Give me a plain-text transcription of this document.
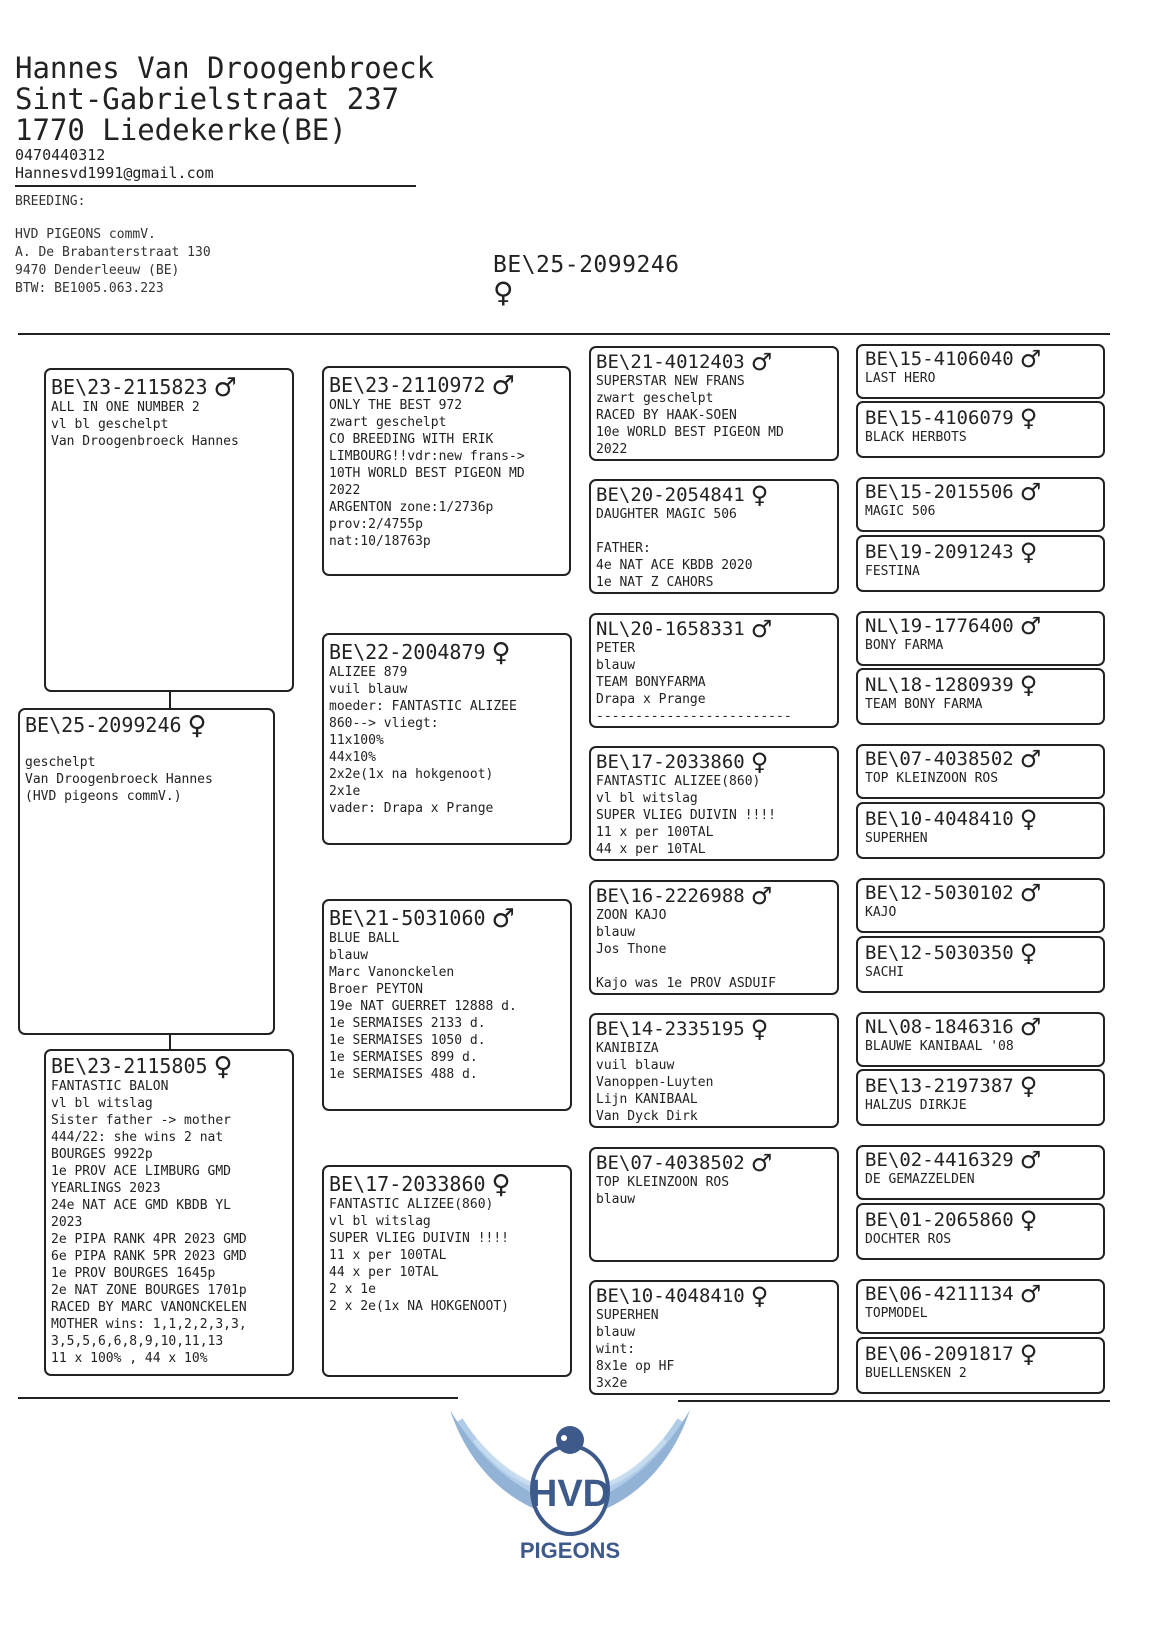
Hannes Van Droogenbroeck
Sint-Gabrielstraat 237
1770 Liedekerke(BE)
0470440312
Hannesvd1991@gmail.com
BREEDING:
HVD PIGEONS commV.
A. De Brabanterstraat 130
9470 Denderleeuw (BE)
BTW: BE1005.063.223
BE\25-2099246
♀
BE\25-2099246 ♀

geschelpt
Van Droogenbroeck Hannes
(HVD pigeons commV.)
BE\23-2115823 ♂
ALL IN ONE NUMBER 2
vl bl geschelpt
Van Droogenbroeck Hannes
BE\23-2115805 ♀
FANTASTIC BALON
vl bl witslag
Sister father -> mother
444/22: she wins 2 nat
BOURGES 9922p
1e PROV ACE LIMBURG GMD
YEARLINGS 2023
24e NAT ACE GMD KBDB YL
2023
2e PIPA RANK 4PR 2023 GMD
6e PIPA RANK 5PR 2023 GMD
1e PROV BOURGES 1645p
2e NAT ZONE BOURGES 1701p
RACED BY MARC VANONCKELEN
MOTHER wins: 1,1,2,2,3,3,
3,5,5,6,6,8,9,10,11,13
11 x 100% , 44 x 10%
BE\23-2110972 ♂
ONLY THE BEST 972
zwart geschelpt
CO BREEDING WITH ERIK
LIMBOURG!!vdr:new frans->
10TH WORLD BEST PIGEON MD
2022
ARGENTON zone:1/2736p
prov:2/4755p
nat:10/18763p
BE\22-2004879 ♀
ALIZEE 879
vuil blauw
moeder: FANTASTIC ALIZEE
860--> vliegt:
11x100%
44x10%
2x2e(1x na hokgenoot)
2x1e
vader: Drapa x Prange
BE\21-5031060 ♂
BLUE BALL
blauw
Marc Vanonckelen
Broer PEYTON
19e NAT GUERRET 12888 d.
1e SERMAISES 2133 d.
1e SERMAISES 1050 d.
1e SERMAISES 899 d.
1e SERMAISES 488 d.
BE\17-2033860 ♀
FANTASTIC ALIZEE(860)
vl bl witslag
SUPER VLIEG DUIVIN !!!!
11 x per 100TAL
44 x per 10TAL
2 x 1e
2 x 2e(1x NA HOKGENOOT)
BE\21-4012403 ♂
SUPERSTAR NEW FRANS
zwart geschelpt
RACED BY HAAK-SOEN
10e WORLD BEST PIGEON MD
2022
BE\20-2054841 ♀
DAUGHTER MAGIC 506

FATHER:
4e NAT ACE KBDB 2020
1e NAT Z CAHORS
NL\20-1658331 ♂
PETER
blauw
TEAM BONYFARMA
Drapa x Prange
-------------------------
BE\17-2033860 ♀
FANTASTIC ALIZEE(860)
vl bl witslag
SUPER VLIEG DUIVIN !!!!
11 x per 100TAL
44 x per 10TAL
BE\16-2226988 ♂
ZOON KAJO
blauw
Jos Thone

Kajo was 1e PROV ASDUIF
BE\14-2335195 ♀
KANIBIZA
vuil blauw
Vanoppen-Luyten
Lijn KANIBAAL
Van Dyck Dirk
BE\07-4038502 ♂
TOP KLEINZOON ROS
blauw
BE\10-4048410 ♀
SUPERHEN
blauw
wint:
8x1e op HF
3x2e
BE\15-4106040 ♂
LAST HERO
BE\15-4106079 ♀
BLACK HERBOTS
BE\15-2015506 ♂
MAGIC 506
BE\19-2091243 ♀
FESTINA
NL\19-1776400 ♂
BONY FARMA
NL\18-1280939 ♀
TEAM BONY FARMA
BE\07-4038502 ♂
TOP KLEINZOON ROS
BE\10-4048410 ♀
SUPERHEN
BE\12-5030102 ♂
KAJO
BE\12-5030350 ♀
SACHI
NL\08-1846316 ♂
BLAUWE KANIBAAL '08
BE\13-2197387 ♀
HALZUS DIRKJE
BE\02-4416329 ♂
DE GEMAZZELDEN
BE\01-2065860 ♀
DOCHTER ROS
BE\06-4211134 ♂
TOPMODEL
BE\06-2091817 ♀
BUELLENSKEN 2
HVD
PIGEONS
